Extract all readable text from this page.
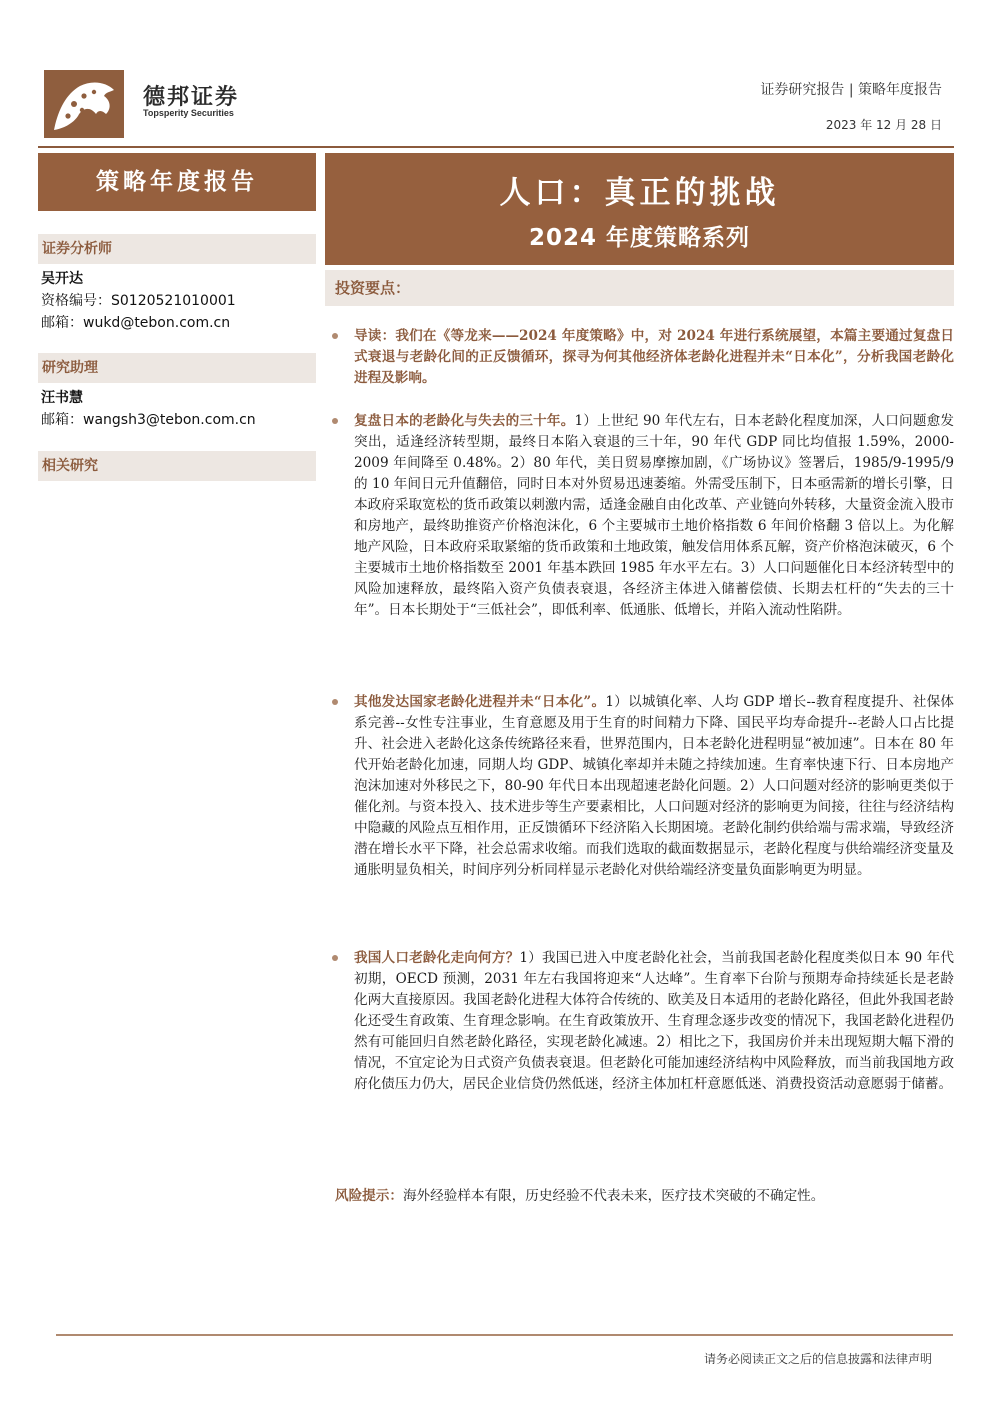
德邦证券
Topsperity Securities
证券研究报告 | 策略年度报告
2023 年 12 月 28 日
策略年度报告
证券分析师
吴开达
资格编号：S0120521010001
邮箱：wukd@tebon.com.cn
研究助理
汪书慧
邮箱：wangsh3@tebon.com.cn
相关研究
人口：真正的挑战
2024 年度策略系列
投资要点：

导读：我们在《等龙来——2024 年度策略》中，对 2024 年进行系统展望，本篇主要通过复盘日式衰退与老龄化间的正反馈循环，探寻为何其他经济体老龄化进程并未“日本化”，分析我国老龄化进程及影响。

复盘日本的老龄化与失去的三十年。1）上世纪 90 年代左右，日本老龄化程度加深，人口问题愈发突出，适逢经济转型期，最终日本陷入衰退的三十年，90 年代 GDP 同比均值报 1.59%，2000-2009 年间降至 0.48%。2）80 年代，美日贸易摩擦加剧，《广场协议》签署后，1985/9-1995/9 的 10 年间日元升值翻倍，同时日本对外贸易迅速萎缩。外需受压制下，日本亟需新的增长引擎，日本政府采取宽松的货币政策以刺激内需，适逢金融自由化改革、产业链向外转移，大量资金流入股市和房地产，最终助推资产价格泡沫化，6 个主要城市土地价格指数 6 年间价格翻 3 倍以上。为化解地产风险，日本政府采取紧缩的货币政策和土地政策，触发信用体系瓦解，资产价格泡沫破灭，6 个主要城市土地价格指数至 2001 年基本跌回 1985 年水平左右。3）人口问题催化日本经济转型中的风险加速释放，最终陷入资产负债表衰退，各经济主体进入储蓄偿债、长期去杠杆的“失去的三十年”。日本长期处于“三低社会”，即低利率、低通胀、低增长，并陷入流动性陷阱。

其他发达国家老龄化进程并未“日本化”。1）以城镇化率、人均 GDP 增长--教育程度提升、社保体系完善--女性专注事业，生育意愿及用于生育的时间精力下降、国民平均寿命提升--老龄人口占比提升、社会进入老龄化这条传统路径来看，世界范围内，日本老龄化进程明显“被加速”。日本在 80 年代开始老龄化加速，同期人均 GDP、城镇化率却并未随之持续加速。生育率快速下行、日本房地产泡沫加速对外移民之下，80-90 年代日本出现超速老龄化问题。2）人口问题对经济的影响更类似于催化剂。与资本投入、技术进步等生产要素相比，人口问题对经济的影响更为间接，往往与经济结构中隐藏的风险点互相作用，正反馈循环下经济陷入长期困境。老龄化制约供给端与需求端，导致经济潜在增长水平下降，社会总需求收缩。而我们选取的截面数据显示，老龄化程度与供给端经济变量及通胀明显负相关，时间序列分析同样显示老龄化对供给端经济变量负面影响更为明显。

我国人口老龄化走向何方？1）我国已进入中度老龄化社会，当前我国老龄化程度类似日本 90 年代初期，OECD 预测，2031 年左右我国将迎来“人达峰”。生育率下台阶与预期寿命持续延长是老龄化两大直接原因。我国老龄化进程大体符合传统的、欧美及日本适用的老龄化路径，但此外我国老龄化还受生育政策、生育理念影响。在生育政策放开、生育理念逐步改变的情况下，我国老龄化进程仍然有可能回归自然老龄化路径，实现老龄化减速。2）相比之下，我国房价并未出现短期大幅下滑的情况，不宜定论为日式资产负债表衰退。但老龄化可能加速经济结构中风险释放，而当前我国地方政府化债压力仍大，居民企业信贷仍然低迷，经济主体加杠杆意愿低迷、消费投资活动意愿弱于储蓄。

风险提示：海外经验样本有限，历史经验不代表未来，医疗技术突破的不确定性。
请务必阅读正文之后的信息披露和法律声明
